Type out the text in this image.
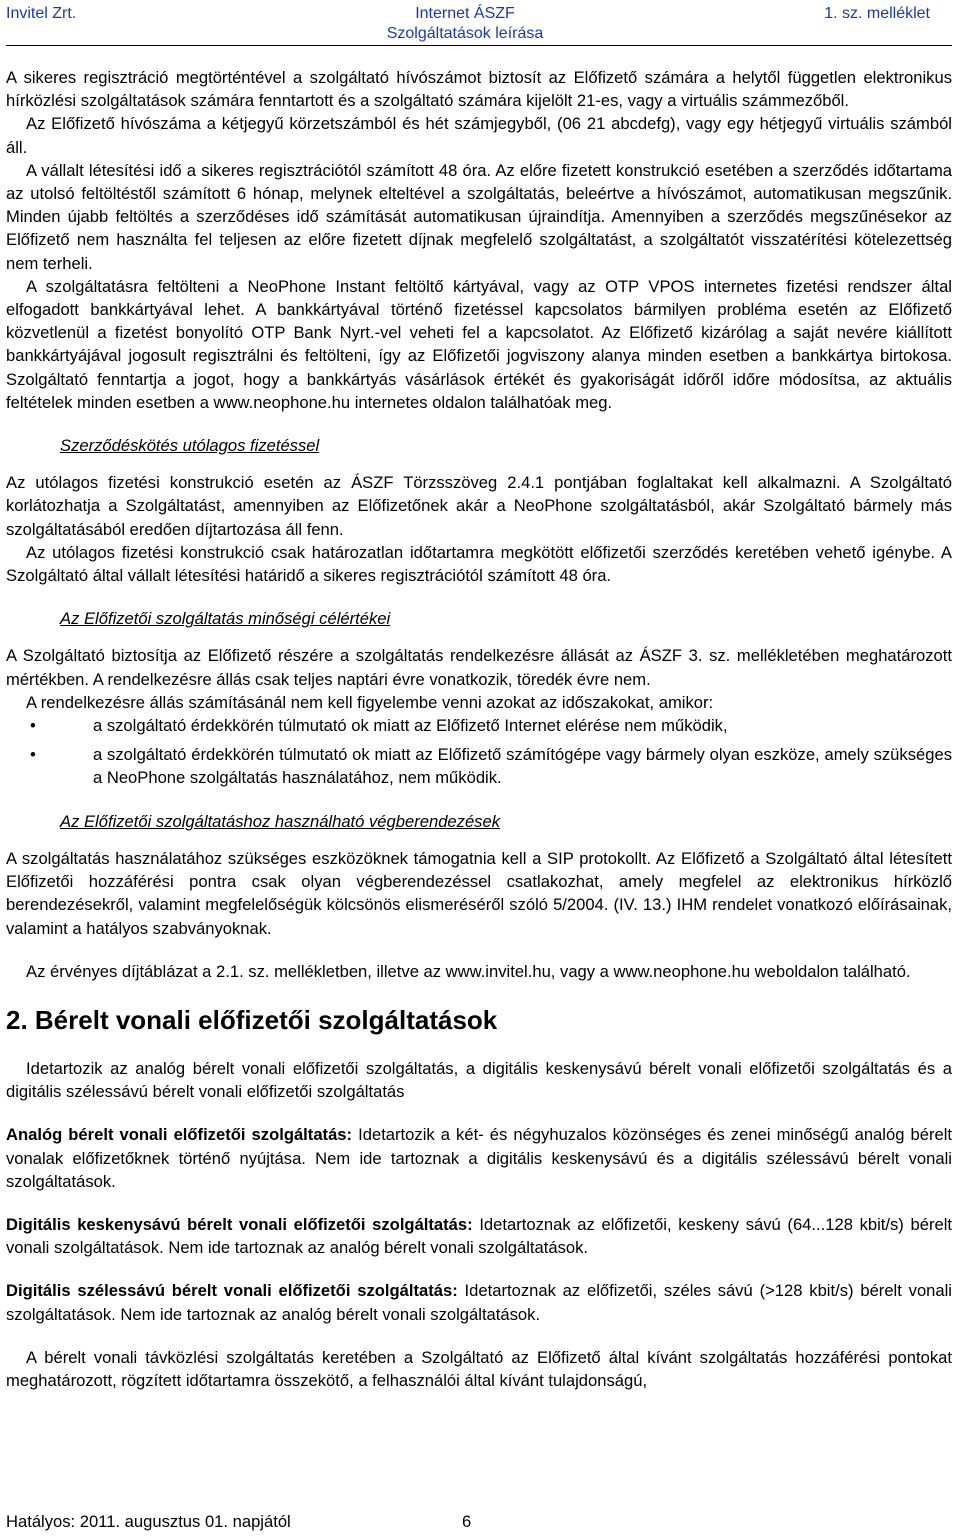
Invitel Zrt.	Internet ÁSZF
Szolgáltatások leírása
1. sz. melléklet

A sikeres regisztráció megtörténtével a szolgáltató hívószámot biztosít az Előfizető számára a helytől független elektronikus hírközlési szolgáltatások számára fenntartott és a szolgáltató számára kijelölt 21-es, vagy a virtuális számmezőből.

Az Előfizető hívószáma a kétjegyű körzetszámból és hét számjegyből, (06 21 abcdefg), vagy egy hétjegyű virtuális számból áll.

A vállalt létesítési idő a sikeres regisztrációtól számított 48 óra. Az előre fizetett konstrukció esetében a szerződés időtartama az utolsó feltöltéstől számított 6 hónap, melynek elteltével a szolgáltatás, beleértve a hívószámot, automatikusan megszűnik. Minden újabb feltöltés a szerződéses idő számítását automatikusan újraindítja. Amennyiben a szerződés megszűnésekor az Előfizető nem használta fel teljesen az előre fizetett díjnak megfelelő szolgáltatást, a szolgáltatót visszatérítési kötelezettség nem terheli.

A szolgáltatásra feltölteni a NeoPhone Instant feltöltő kártyával, vagy az OTP VPOS internetes fizetési rendszer által elfogadott bankkártyával lehet. A bankkártyával történő fizetéssel kapcsolatos bármilyen probléma esetén az Előfizető közvetlenül a fizetést bonyolító OTP Bank Nyrt.-vel veheti fel a kapcsolatot. Az Előfizető kizárólag a saját nevére kiállított bankkártyájával jogosult regisztrálni és feltölteni, így az Előfizetői jogviszony alanya minden esetben a bankkártya birtokosa. Szolgáltató fenntartja a jogot, hogy a bankkártyás vásárlások értékét és gyakoriságát időről időre módosítsa, az aktuális feltételek minden esetben a www.neophone.hu internetes oldalon találhatóak meg.

Szerződéskötés utólagos fizetéssel

Az utólagos fizetési konstrukció esetén az ÁSZF Törzsszöveg 2.4.1 pontjában foglaltakat kell alkalmazni. A Szolgáltató korlátozhatja a Szolgáltatást, amennyiben az Előfizetőnek akár a NeoPhone szolgáltatásból, akár Szolgáltató bármely más szolgáltatásából eredően díjtartozása áll fenn.

Az utólagos fizetési konstrukció csak határozatlan időtartamra megkötött előfizetői szerződés keretében vehető igénybe. A Szolgáltató által vállalt létesítési határidő a sikeres regisztrációtól számított 48 óra.

Az Előfizetői szolgáltatás minőségi célértékei

A Szolgáltató biztosítja az Előfizető részére a szolgáltatás rendelkezésre állását az ÁSZF 3. sz. mellékletében meghatározott mértékben. A rendelkezésre állás csak teljes naptári évre vonatkozik, töredék évre nem.

A rendelkezésre állás számításánál nem kell figyelembe venni azokat az időszakokat, amikor:

•	a szolgáltató érdekkörén túlmutató ok miatt az Előfizető Internet elérése nem működik,
•	a szolgáltató érdekkörén túlmutató ok miatt az Előfizető számítógépe vagy bármely olyan eszköze, amely szükséges a NeoPhone szolgáltatás használatához, nem működik.
Az Előfizetői szolgáltatáshoz használható végberendezések

A szolgáltatás használatához szükséges eszközöknek támogatnia kell a SIP protokollt. Az Előfizető a Szolgáltató által létesített Előfizetői hozzáférési pontra csak olyan végberendezéssel csatlakozhat, amely megfelel az elektronikus hírközlő berendezésekről, valamint megfelelőségük kölcsönös elismeréséről szóló 5/2004. (IV. 13.) IHM rendelet vonatkozó előírásainak, valamint a hatályos szabványoknak.

Az érvényes díjtáblázat a 2.1. sz. mellékletben, illetve az www.invitel.hu, vagy a www.neophone.hu weboldalon található.

2. Bérelt vonali előfizetői szolgáltatások

Idetartozik az analóg bérelt vonali előfizetői szolgáltatás, a digitális keskenysávú bérelt vonali előfizetői szolgáltatás és a digitális szélessávú bérelt vonali előfizetői szolgáltatás

Analóg bérelt vonali előfizetői szolgáltatás: Idetartozik a két- és négyhuzalos közönséges és zenei minőségű analóg bérelt vonalak előfizetőknek történő nyújtása. Nem ide tartoznak a digitális keskenysávú és a digitális szélessávú bérelt vonali szolgáltatások.

Digitális keskenysávú bérelt vonali előfizetői szolgáltatás: Idetartoznak az előfizetői, keskeny sávú (64...128 kbit/s) bérelt vonali szolgáltatások. Nem ide tartoznak az analóg bérelt vonali szolgáltatások.

Digitális szélessávú bérelt vonali előfizetői szolgáltatás: Idetartoznak az előfizetői, széles sávú (>128 kbit/s) bérelt vonali szolgáltatások. Nem ide tartoznak az analóg bérelt vonali szolgáltatások.

A bérelt vonali távközlési szolgáltatás keretében a Szolgáltató az Előfizető által kívánt szolgáltatás hozzáférési pontokat meghatározott, rögzített időtartamra összekötő, a felhasználói által kívánt tulajdonságú,

Hatályos: 2011. augusztus 01. napjától	6
